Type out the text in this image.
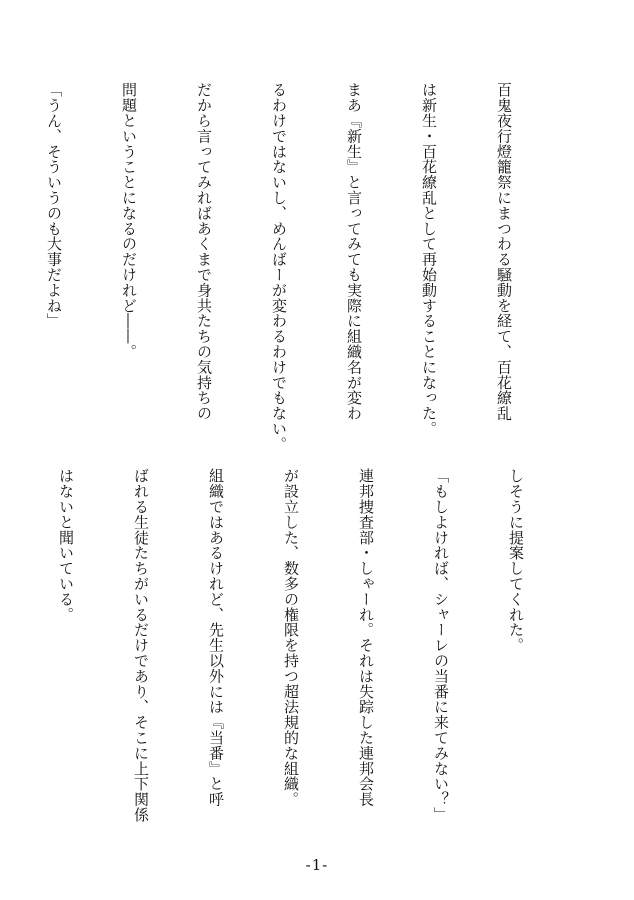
百鬼夜行燈籠祭にまつわる騒動を経て、百花繚乱

は新生・百花繚乱として再始動することになった。

まあ『新生』と言ってみても実際に組織名が変わ

るわけではないし、めんばーが変わるわけでもない。

だから言ってみればあくまで身共たちの気持ちの

問題ということになるのだけれど――。

「うん、そういうのも大事だよね」

しそうに提案してくれた。

「もしよければ、シャーレの当番に来てみない？」

連邦捜査部・しゃーれ。それは失踪した連邦会長

が設立した、数多の権限を持つ超法規的な組織。

組織ではあるけれど、先生以外には『当番』と呼

ばれる生徒たちがいるだけであり、そこに上下関係

はないと聞いている。

-1-
